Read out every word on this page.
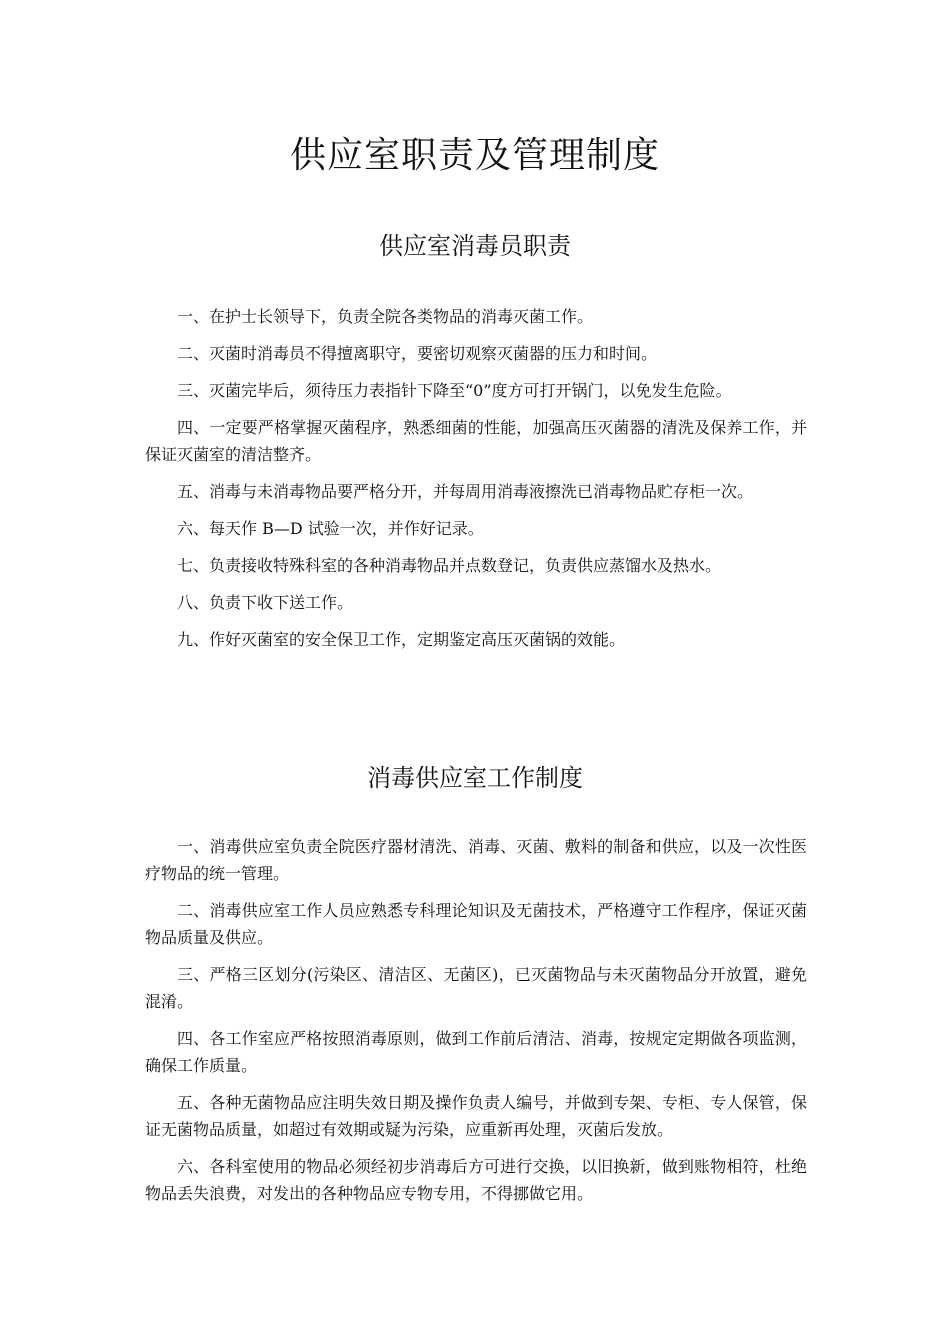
供应室职责及管理制度
供应室消毒员职责

一、在护士长领导下，负责全院各类物品的消毒灭菌工作。

二、灭菌时消毒员不得擅离职守，要密切观察灭菌器的压力和时间。

三、灭菌完毕后，须待压力表指针下降至“0”度方可打开锅门，以免发生危险。

四、一定要严格掌握灭菌程序，熟悉细菌的性能，加强高压灭菌器的清洗及保养工作，并保证灭菌室的清洁整齐。

五、消毒与未消毒物品要严格分开，并每周用消毒液擦洗已消毒物品贮存柜一次。

六、每天作 B—D 试验一次，并作好记录。

七、负责接收特殊科室的各种消毒物品并点数登记，负责供应蒸馏水及热水。

八、负责下收下送工作。

九、作好灭菌室的安全保卫工作，定期鉴定高压灭菌锅的效能。

消毒供应室工作制度

一、消毒供应室负责全院医疗器材清洗、消毒、灭菌、敷料的制备和供应，以及一次性医疗物品的统一管理。

二、消毒供应室工作人员应熟悉专科理论知识及无菌技术，严格遵守工作程序，保证灭菌物品质量及供应。

三、严格三区划分(污染区、清洁区、无菌区)，已灭菌物品与未灭菌物品分开放置，避免混淆。

四、各工作室应严格按照消毒原则，做到工作前后清洁、消毒，按规定定期做各项监测，确保工作质量。

五、各种无菌物品应注明失效日期及操作负责人编号，并做到专架、专柜、专人保管，保证无菌物品质量，如超过有效期或疑为污染，应重新再处理，灭菌后发放。

六、各科室使用的物品必须经初步消毒后方可进行交换，以旧换新，做到账物相符，杜绝物品丢失浪费，对发出的各种物品应专物专用，不得挪做它用。
